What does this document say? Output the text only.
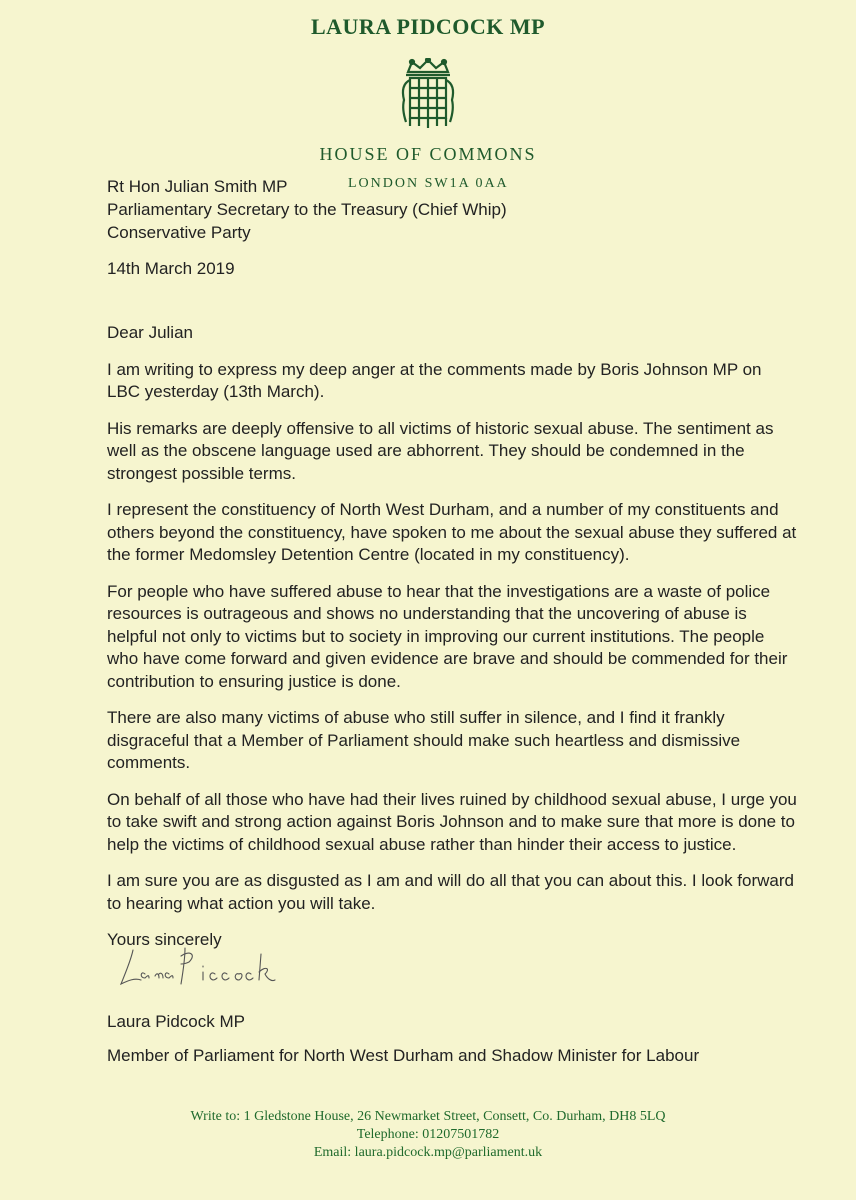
LAURA PIDCOCK MP
HOUSE OF COMMONS
LONDON SW1A 0AA
Rt Hon Julian Smith MP
Parliamentary Secretary to the Treasury (Chief Whip)
Conservative Party
14th March 2019

Dear Julian

I am writing to express my deep anger at the comments made by Boris Johnson MP on LBC yesterday (13th March).

His remarks are deeply offensive to all victims of historic sexual abuse. The sentiment as well as the obscene language used are abhorrent. They should be condemned in the strongest possible terms.

I represent the constituency of North West Durham, and a number of my constituents and others beyond the constituency, have spoken to me about the sexual abuse they suffered at the former Medomsley Detention Centre (located in my constituency).

For people who have suffered abuse to hear that the investigations are a waste of police resources is outrageous and shows no understanding that the uncovering of abuse is helpful not only to victims but to society in improving our current institutions. The people who have come forward and given evidence are brave and should be commended for their contribution to ensuring justice is done.

There are also many victims of abuse who still suffer in silence, and I find it frankly disgraceful that a Member of Parliament should make such heartless and dismissive comments.

On behalf of all those who have had their lives ruined by childhood sexual abuse, I urge you to take swift and strong action against Boris Johnson and to make sure that more is done to help the victims of childhood sexual abuse rather than hinder their access to justice.

I am sure you are as disgusted as I am and will do all that you can about this. I look forward to hearing what action you will take.

Yours sincerely

Laura Pidcock MP
Member of Parliament for North West Durham and Shadow Minister for Labour
Write to: 1 Gledstone House, 26 Newmarket Street, Consett, Co. Durham, DH8 5LQ
Telephone: 01207501782
Email: laura.pidcock.mp@parliament.uk
